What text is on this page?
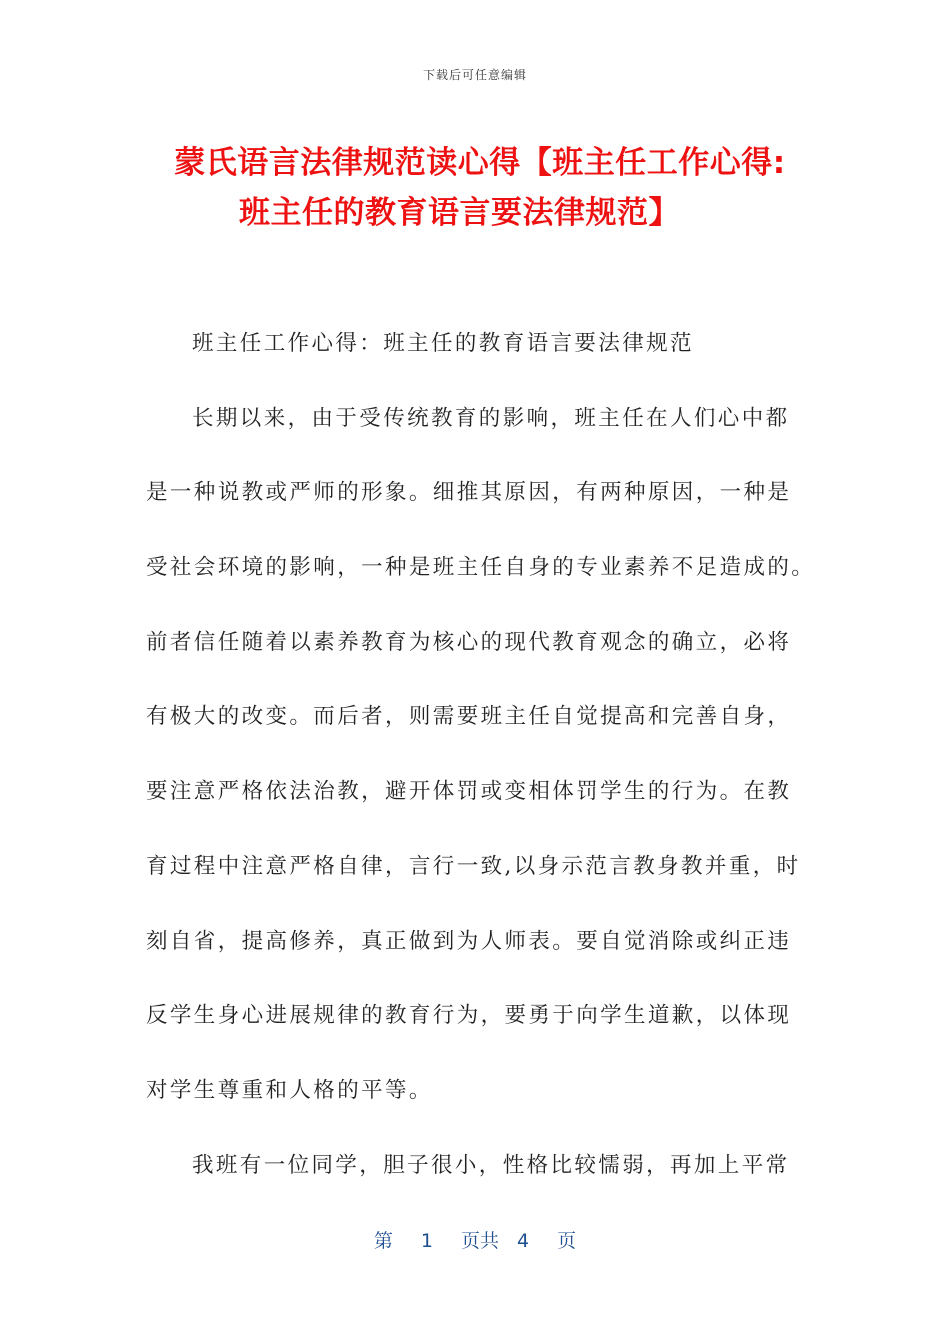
下载后可任意编辑
蒙氏语言法律规范读心得【班主任工作心得:
班主任的教育语言要法律规范】
班主任工作心得：班主任的教育语言要法律规范
长期以来，由于受传统教育的影响，班主任在人们心中都
是一种说教或严师的形象。细推其原因，有两种原因，一种是
受社会环境的影响，一种是班主任自身的专业素养不足造成的。
前者信任随着以素养教育为核心的现代教育观念的确立，必将
有极大的改变。而后者，则需要班主任自觉提高和完善自身，
要注意严格依法治教，避开体罚或变相体罚学生的行为。在教
育过程中注意严格自律，言行一致,以身示范言教身教并重，时
刻自省，提高修养，真正做到为人师表。要自觉消除或纠正违
反学生身心进展规律的教育行为，要勇于向学生道歉，以体现
对学生尊重和人格的平等。
我班有一位同学，胆子很小，性格比较懦弱，再加上平常
第 1 页共 4 页
